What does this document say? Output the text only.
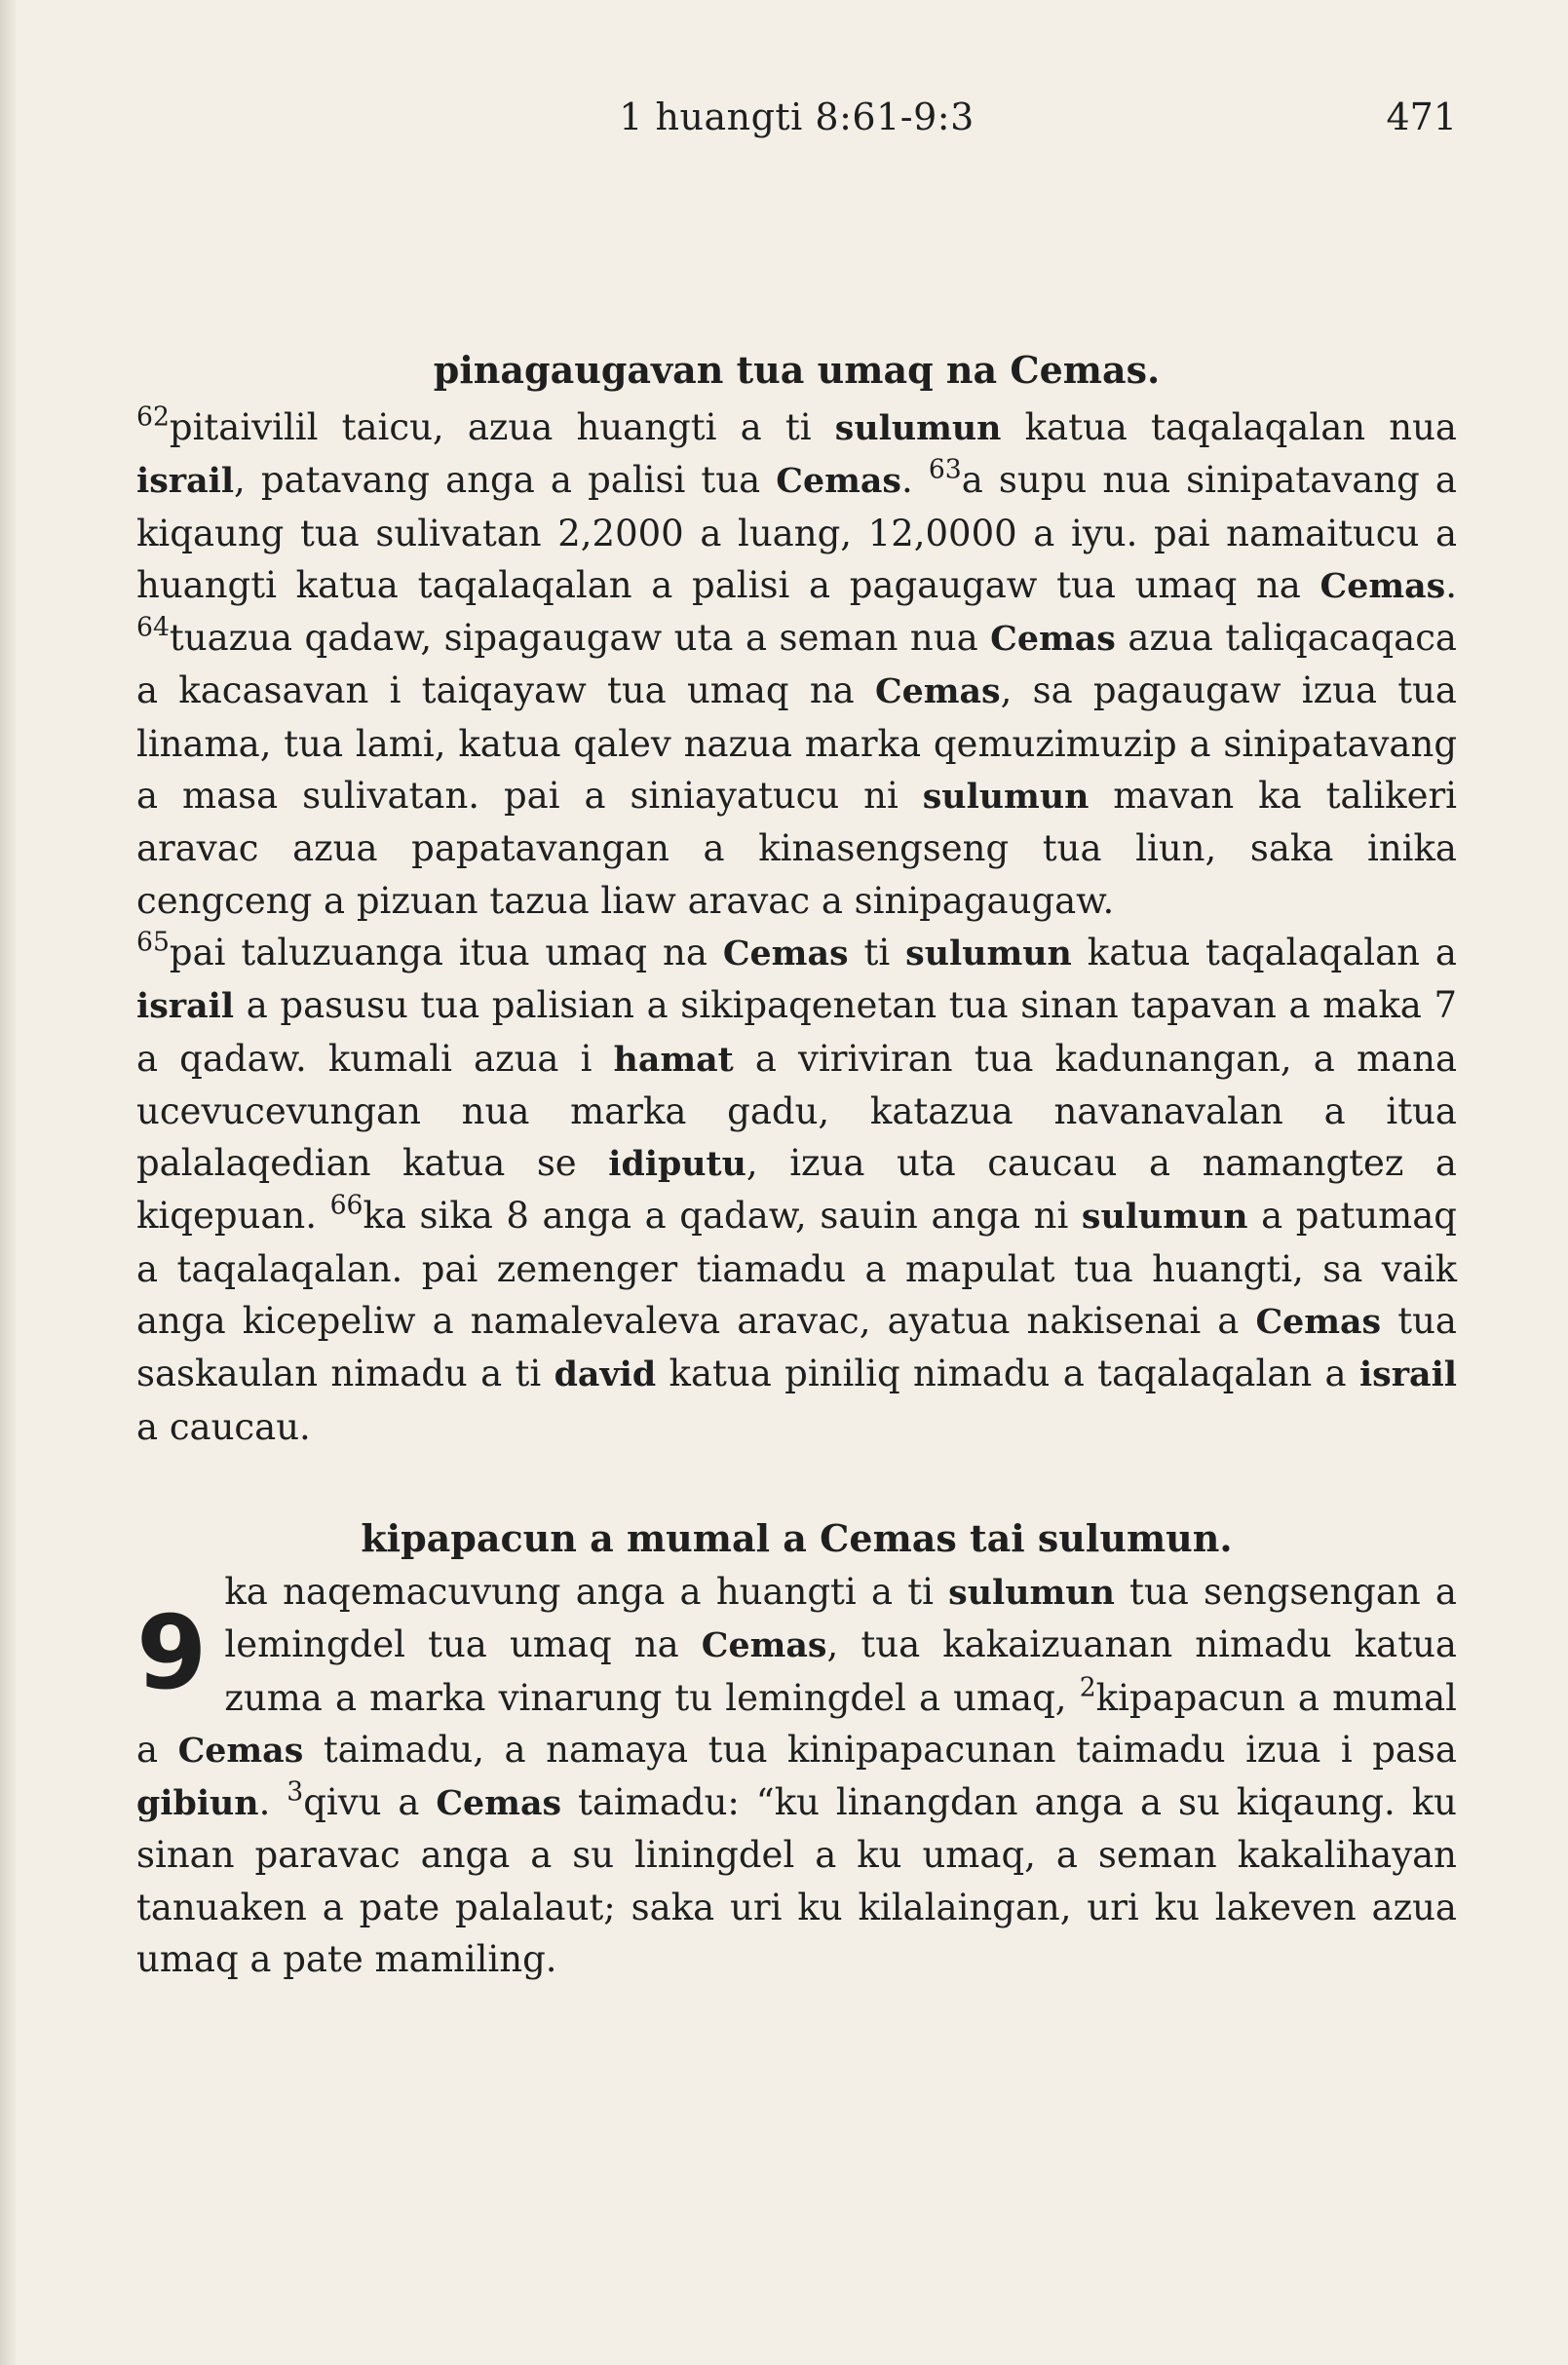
1 huangti 8:61-9:3	471
pinagaugavan tua umaq na Cemas.

$^{62}$pitaivilil taicu, azua huangti a ti sulumun katua taqalaqalan nua israil, patavang anga a palisi tua Cemas. $^{63}$a supu nua sinipatavang a kiqaung tua sulivatan 2,2000 a luang, 12,0000 a iyu. pai namaitucu a huangti katua taqalaqalan a palisi a pagaugaw tua umaq na Cemas. $^{64}$tuazua qadaw, sipagaugaw uta a seman nua Cemas azua taliqacaqaca a kacasavan i taiqayaw tua umaq na Cemas, sa pagaugaw izua tua linama, tua lami, katua qalev nazua marka qemuzimuzip a sinipatavang a masa sulivatan. pai a siniayatucu ni sulumun mavan ka talikeri aravac azua papatavangan a kinasengseng tua liun, saka inika cengceng a pizuan tazua liaw aravac a sinipagaugaw.

$^{65}$pai taluzuanga itua umaq na Cemas ti sulumun katua taqalaqalan a israil a pasusu tua palisian a sikipaqenetan tua sinan tapavan a maka 7 a qadaw. kumali azua i hamat a viriviran tua kadunangan, a mana ucevucevungan nua marka gadu, katazua navanavalan a itua palalaqedian katua se idiputu, izua uta caucau a namangtez a kiqepuan. $^{66}$ka sika 8 anga a qadaw, sauin anga ni sulumun a patumaq a taqalaqalan. pai zemenger tiamadu a mapulat tua huangti, sa vaik anga kicepeliw a namalevaleva aravac, ayatua nakisenai a Cemas tua saskaulan nimadu a ti david katua piniliq nimadu a taqalaqalan a israil a caucau.

kipapacun a mumal a Cemas tai sulumun.

9
ka naqemacuvung anga a huangti a ti sulumun tua sengsengan a lemingdel tua umaq na Cemas, tua kakaizuanan nimadu katua zuma a marka vinarung tu lemingdel a umaq, $^2$kipapacun a mumal a Cemas taimadu, a namaya tua kinipapacunan taimadu izua i pasa gibiun. $^3$qivu a Cemas taimadu: “ku linangdan anga a su kiqaung. ku sinan paravac anga a su liningdel a ku umaq, a seman kakalihayan tanuaken a pate palalaut; saka uri ku kilalaingan, uri ku lakeven azua umaq a pate mamiling.
